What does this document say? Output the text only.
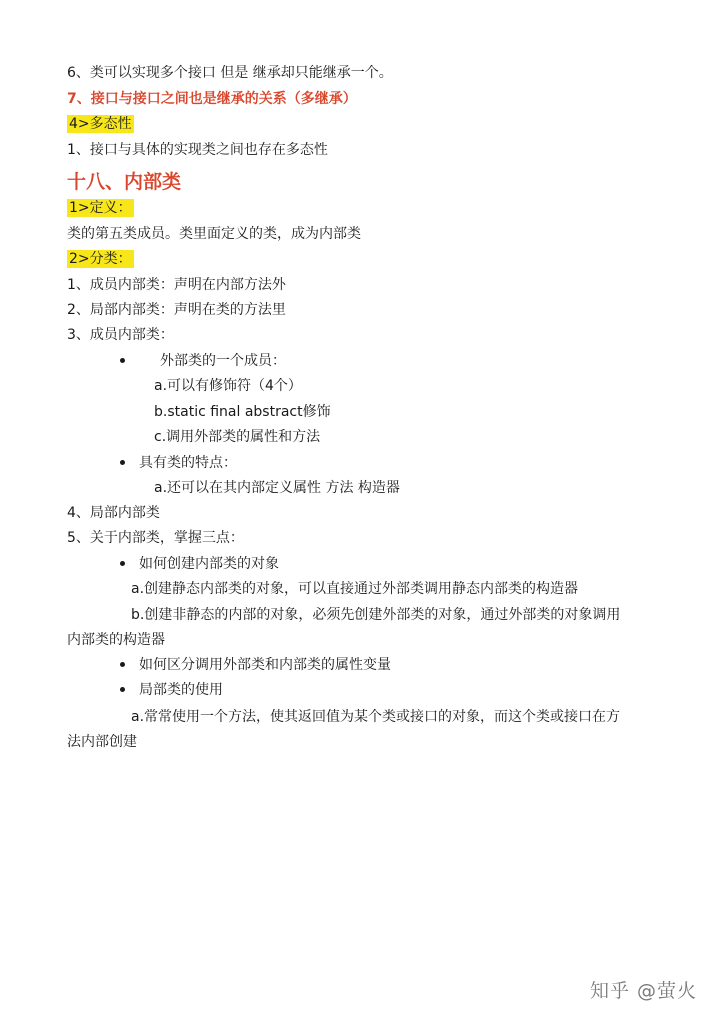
6、类可以实现多个接口 但是 继承却只能继承一个。
7、接口与接口之间也是继承的关系（多继承）
4>多态性
1、接口与具体的实现类之间也存在多态性
十八、内部类
1>定义：
类的第五类成员。类里面定义的类，成为内部类
2>分类：
1、成员内部类：声明在内部方法外
2、局部内部类：声明在类的方法里
3、成员内部类：
外部类的一个成员：
a.可以有修饰符（4个）
b.static final abstract修饰
c.调用外部类的属性和方法
具有类的特点：
a.还可以在其内部定义属性 方法 构造器
4、局部内部类
5、关于内部类，掌握三点：
如何创建内部类的对象
a.创建静态内部类的对象，可以直接通过外部类调用静态内部类的构造器
b.创建非静态的内部的对象，必须先创建外部类的对象，通过外部类的对象调用
内部类的构造器
如何区分调用外部类和内部类的属性变量
局部类的使用
a.常常使用一个方法，使其返回值为某个类或接口的对象，而这个类或接口在方
法内部创建
知乎 @萤火
